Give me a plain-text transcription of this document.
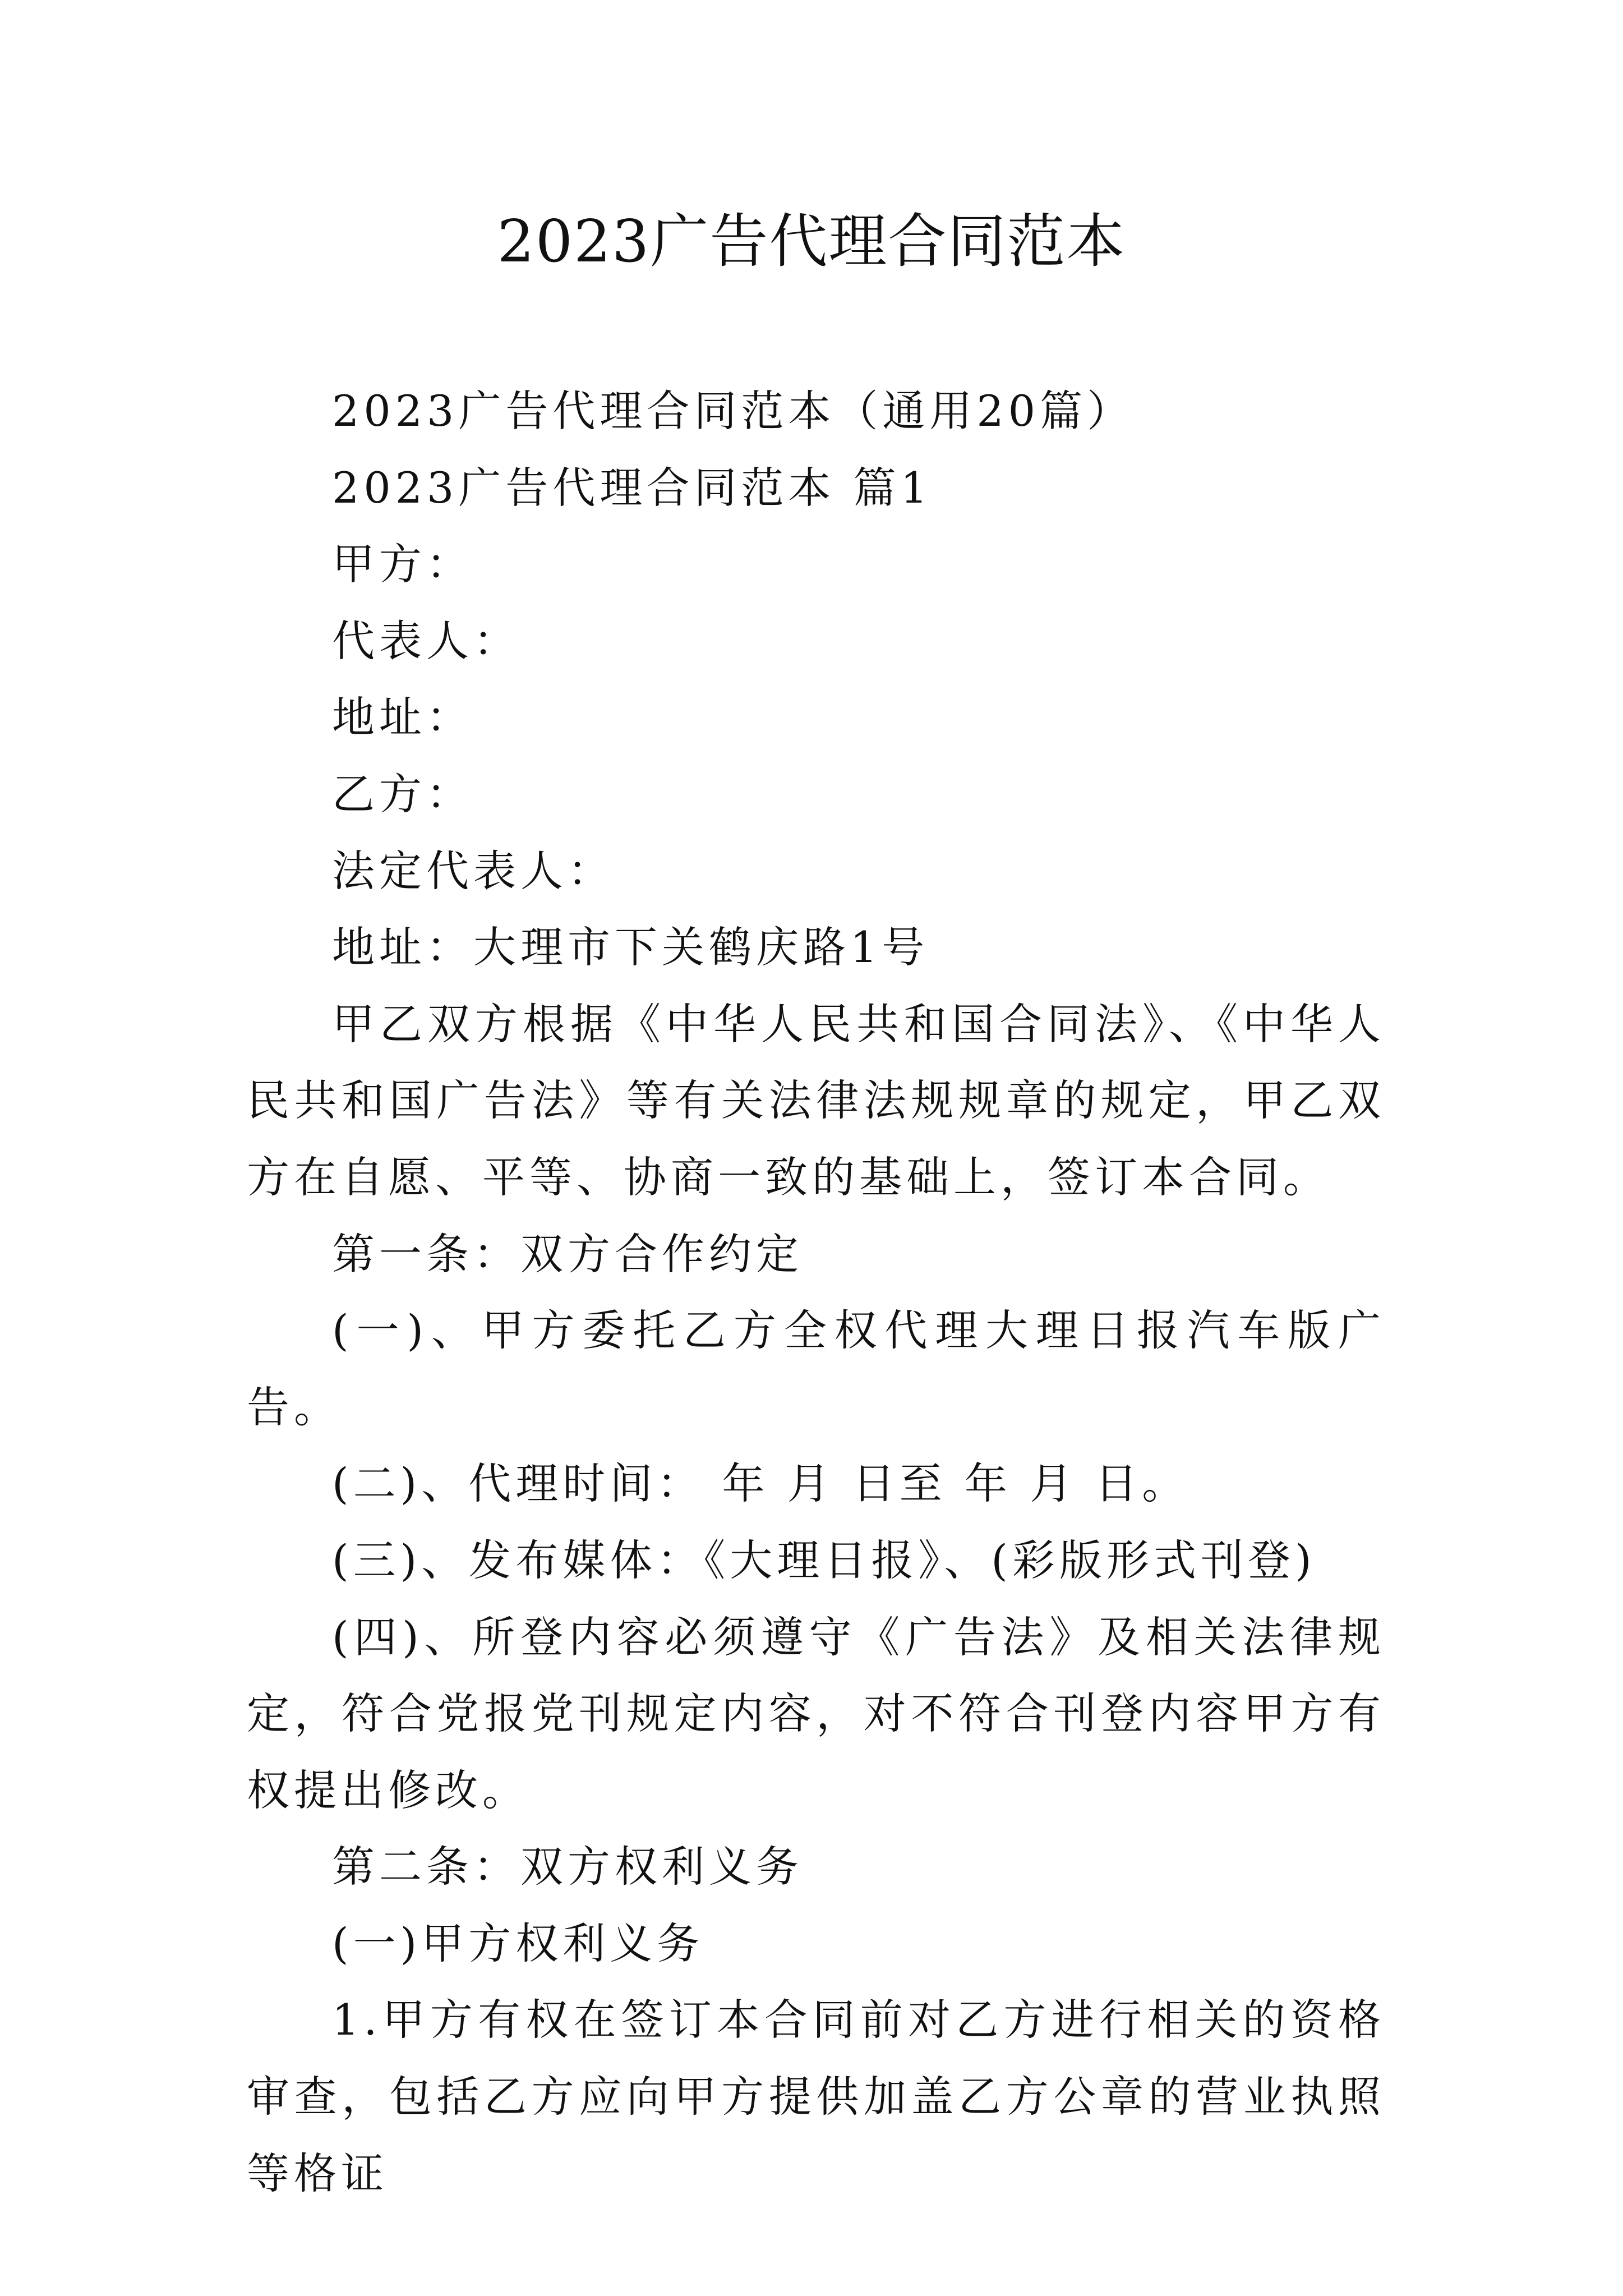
2023广告代理合同范本

2023广告代理合同范本（通用20篇）

2023广告代理合同范本 篇1

甲方：

代表人：

地址：

乙方：

法定代表人：

地址：大理市下关鹤庆路1号

甲乙双方根据《中华人民共和国合同法》、《中华人民共和国广告法》等有关法律法规规章的规定，甲乙双方在自愿、平等、协商一致的基础上，签订本合同。

第一条：双方合作约定

(一)、甲方委托乙方全权代理大理日报汽车版广告。

(二)、代理时间： 年 月 日至 年 月 日。

(三)、发布媒体：《大理日报》、(彩版形式刊登)

(四)、所登内容必须遵守《广告法》及相关法律规定，符合党报党刊规定内容，对不符合刊登内容甲方有权提出修改。

第二条：双方权利义务

(一)甲方权利义务

1.甲方有权在签订本合同前对乙方进行相关的资格审查，包括乙方应向甲方提供加盖乙方公章的营业执照等格证
